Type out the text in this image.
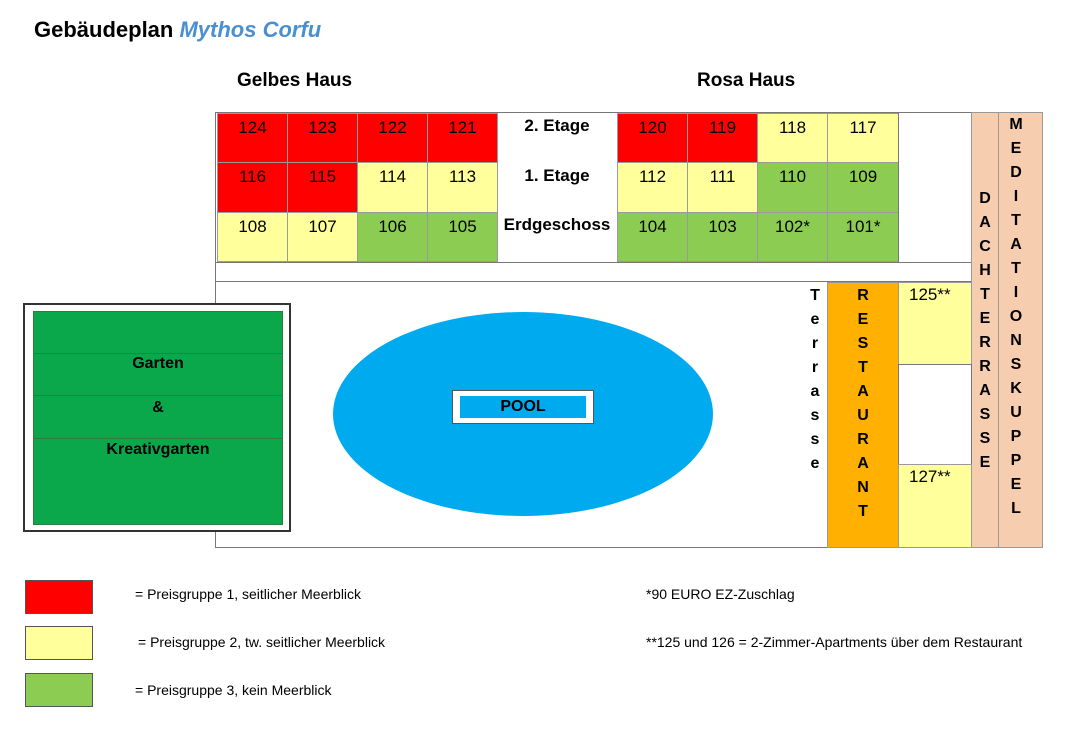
Gebäudeplan Mythos Corfu
Gelbes Haus	Rosa Haus
124	123	122	121	2. Etage	120	119	118	117
116	115	114	113	1. Etage	112	111	110	109
108	107	106	105	Erdgeschoss	104	103	102*	101*
D
A
C
H
T
E
R
R
A
S
S
E
M
E
D
I
T
A
T
I
O
N
S
K
U
P
P
E
L
R
E
S
T
A
U
R
A
N
T
125**
127**
T
e
r
r
a
s
s
e
POOL
Garten
&
Kreativgarten
= Preisgruppe 1, seitlicher Meerblick
= Preisgruppe 2, tw. seitlicher Meerblick
= Preisgruppe 3, kein Meerblick
*90 EURO EZ-Zuschlag
**125 und 126 = 2-Zimmer-Apartments über dem Restaurant
